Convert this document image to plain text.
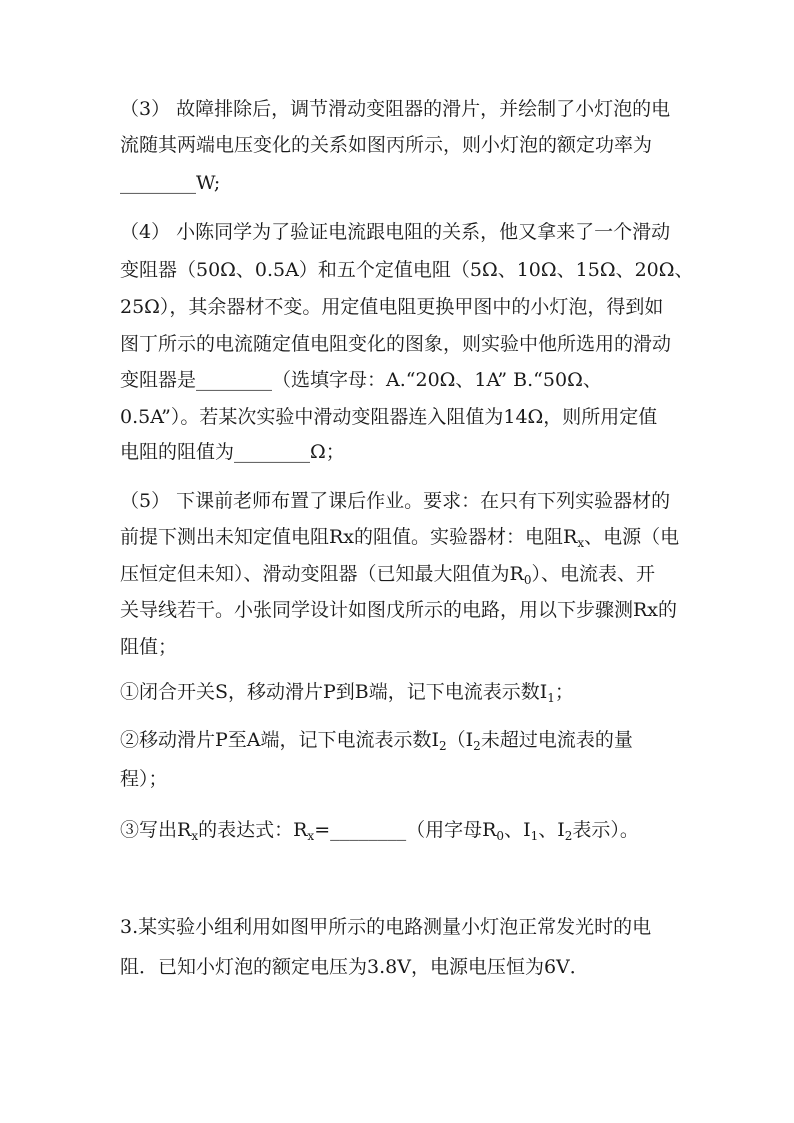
（3） 故障排除后，调节滑动变阻器的滑片，并绘制了小灯泡的电
流随其两端电压变化的关系如图丙所示，则小灯泡的额定功率为
________W;
（4） 小陈同学为了验证电流跟电阻的关系，他又拿来了一个滑动
变阻器（50Ω、0.5A）和五个定值电阻（5Ω、10Ω、15Ω、20Ω、
25Ω），其余器材不变。用定值电阻更换甲图中的小灯泡，得到如
图丁所示的电流随定值电阻变化的图象，则实验中他所选用的滑动
变阻器是________（选填字母：A.“20Ω、1A” B.“50Ω、
0.5A”）。若某次实验中滑动变阻器连入阻值为14Ω，则所用定值
电阻的阻值为________Ω；
（5） 下课前老师布置了课后作业。要求：在只有下列实验器材的
前提下测出未知定值电阻Rx的阻值。实验器材：电阻$R_x$、电源（电
压恒定但未知）、滑动变阻器（已知最大阻值为$R_0$）、电流表、开
关导线若干。小张同学设计如图戊所示的电路，用以下步骤测Rx的
阻值；
①闭合开关S，移动滑片P到B端，记下电流表示数$I_1$；
②移动滑片P至A端，记下电流表示数$I_2(I_2$未超过电流表的量
程）；
③写出$R_x$的表达式：$R_x=\_\_\_\_\_\_\_\_$（用字母$R_0$、$I_1$、$I_2$表示）。
3.某实验小组利用如图甲所示的电路测量小灯泡正常发光时的电
阻．已知小灯泡的额定电压为3.8V，电源电压恒为6V．
